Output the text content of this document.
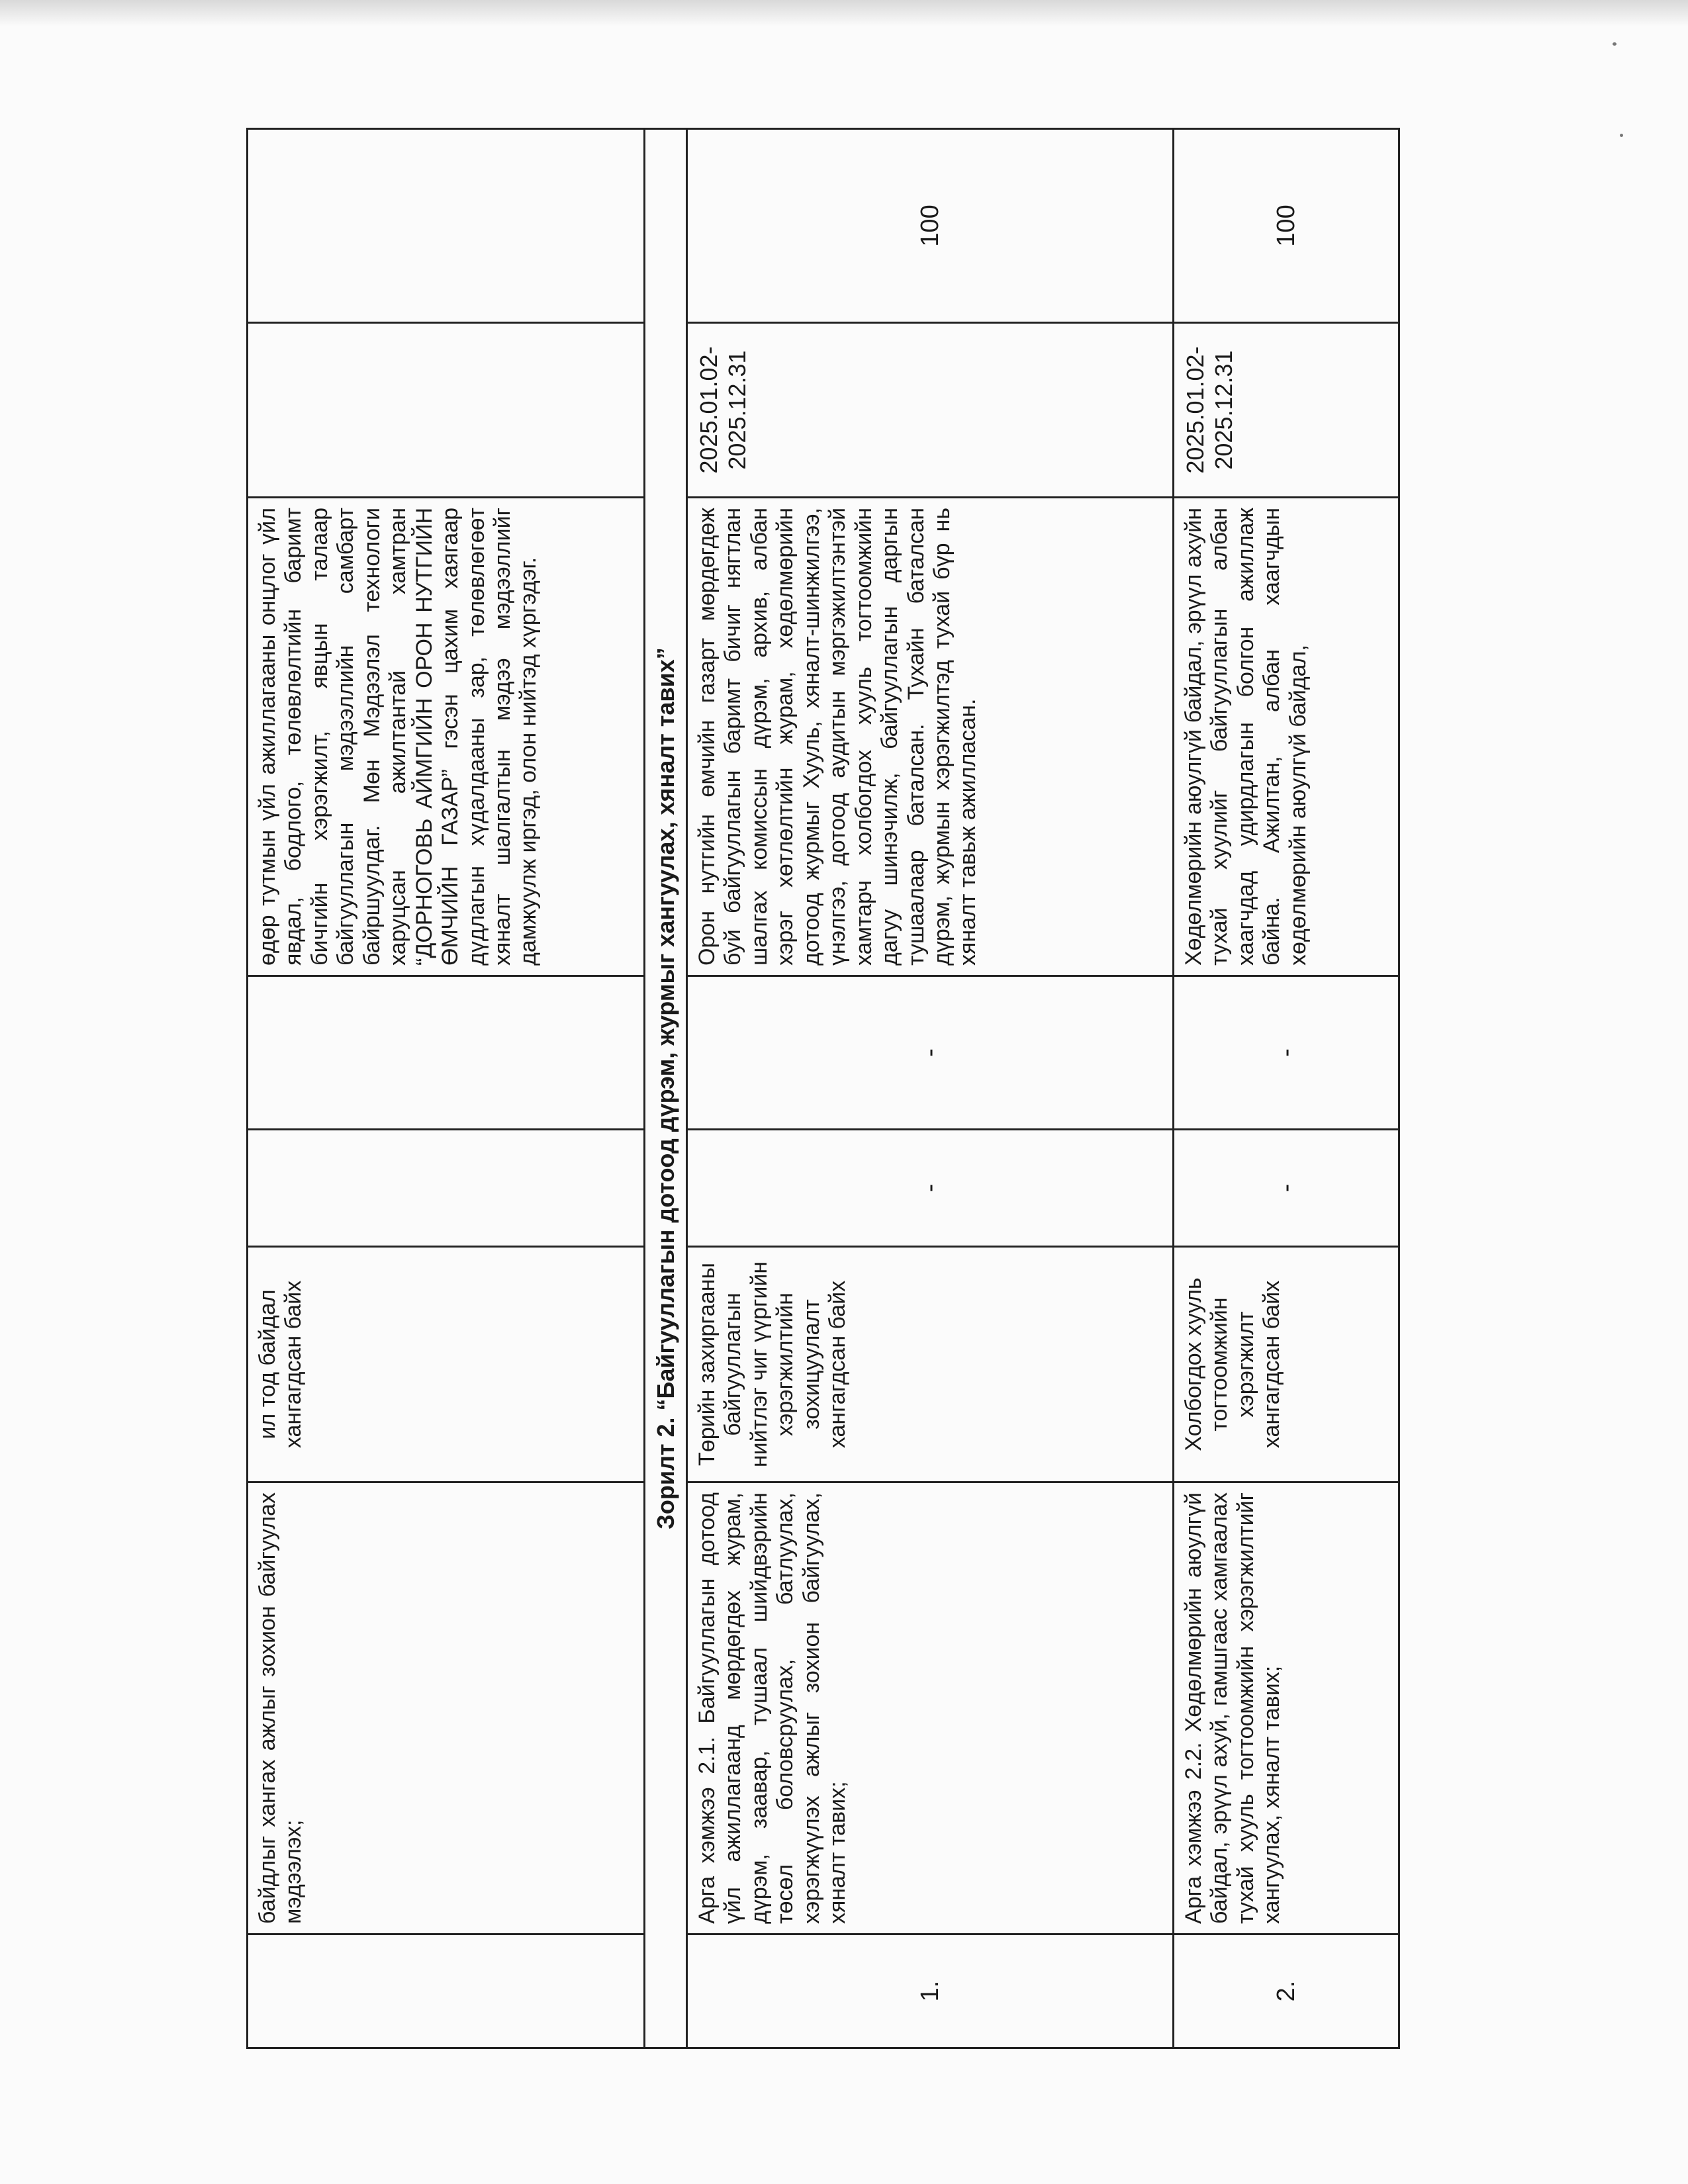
	байдлыг хангах ажлыг зохион байгуулах мэдээлэх;	ил тод байдал хангагдсан байх			өдөр тутмын үйл ажиллагааны онцлог үйл явдал, бодлого, төлөвлөлтийн баримт бичгийн хэрэгжилт, явцын талаар байгууллагын мэдээллийн самбарт байршуулдаг. Мөн Мэдээлэл технологи харуцсан ажилтантай хамтран “ДОРНОГОВЬ АЙМГИЙН ОРОН НУТГИЙН ӨМЧИЙН ГАЗАР” гэсэн цахим хаягаар дүдлагын хүдалдааны зар, төлөвлөгөөт хяналт шалгалтын мэдээ мэдээллийг дамжуулж иргэд, олон нийтэд хүргэдэг.		
Зорилт 2. “Байгууллагын дотоод дүрэм, журмыг хангуулах, хяналт тавих”							
1.	Арга хэмжээ 2.1. Байгууллагын дотоод үйл ажиллагаанд мөрдөгдөх журам, дүрэм, заавар, тушаал шийдвэрийн төсөл боловсруулах, батлуулах, хэрэгжүүлэх ажлыг зохион байгуулах, хяналт тавих;	Төрийн захиргааны байгууллагын нийтлэг чиг үүргийн хэрэгжилтийн зохицуулалт хангагдсан байх	-	-	Орон нутгийн өмчийн газарт мөрдөгдөж буй байгууллагын баримт бичиг нягтлан шалгах комиссын дүрэм, архив, албан хэрэг хөтлөлтийн журам, хөдөлмөрийн дотоод журмыг Хууль, хяналт-шинжилгээ, үнэлгээ, дотоод аудитын мэргэжилтэнтэй хамтарч холбогдох хууль тогтоомжийн дагуу шинэчилж, байгууллагын даргын тушаалаар баталсан. Тухайн баталсан дүрэм, журмын хэрэгжилтэд тухай бүр нь хяналт тавьж ажилласан.	2025.01.02-2025.12.31	100
2.	Арга хэмжээ 2.2. Хөдөлмөрийн аюулгүй байдал, эрүүл ахуй, гамшгаас хамгаалах тухай хууль тогтоомжийн хэрэгжилтийг хангуулах, хяналт тавих;	Холбогдох хууль тогтоомжийн хэрэгжилт хангагдсан байх	-	-	Хөдөлмөрийн аюулгүй байдал, эрүүл ахуйн тухай хуулийг байгууллагын албан хаагчдад удирдлагын болгон ажиллаж байна. Ажилтан, албан хаагчдын хөдөлмөрийн аюулгүй байдал,	2025.01.02-2025.12.31	100
